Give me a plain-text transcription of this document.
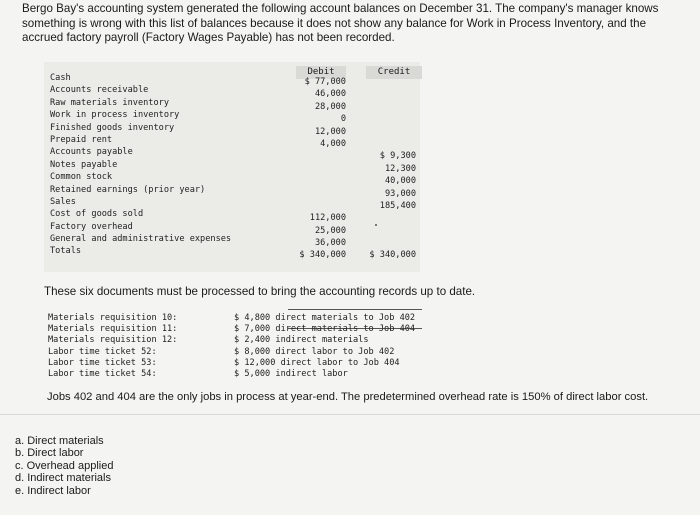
Bergo Bay's accounting system generated the following account balances on December 31. The company's manager knows something is wrong with this list of balances because it does not show any balance for Work in Process Inventory, and the accrued factory payroll (Factory Wages Payable) has not been recorded.
Debit	Credit
Cash
Accounts receivable
Raw materials inventory
Work in process inventory
Finished goods inventory
Prepaid rent
Accounts payable
Notes payable
Common stock
Retained earnings (prior year)
Sales
Cost of goods sold
Factory overhead
General and administrative expenses
Totals
$ 77,000
46,000
28,000
0
12,000
4,000
112,000
25,000
36,000
$ 340,000
$ 9,300
12,300
40,000
93,000
185,400
$ 340,000
These six documents must be processed to bring the accounting records up to date.
Materials requisition 10:
Materials requisition 11:
Materials requisition 12:
Labor time ticket 52:
Labor time ticket 53:
Labor time ticket 54:
$ 4,800 direct materials to Job 402
$ 7,000 direct materials to Job 404
$ 2,400 indirect materials
$ 8,000 direct labor to Job 402
$ 12,000 direct labor to Job 404
$ 5,000 indirect labor
Jobs 402 and 404 are the only jobs in process at year-end. The predetermined overhead rate is 150% of direct labor cost.
a. Direct materials
b. Direct labor
c. Overhead applied
d. Indirect materials
e. Indirect labor
